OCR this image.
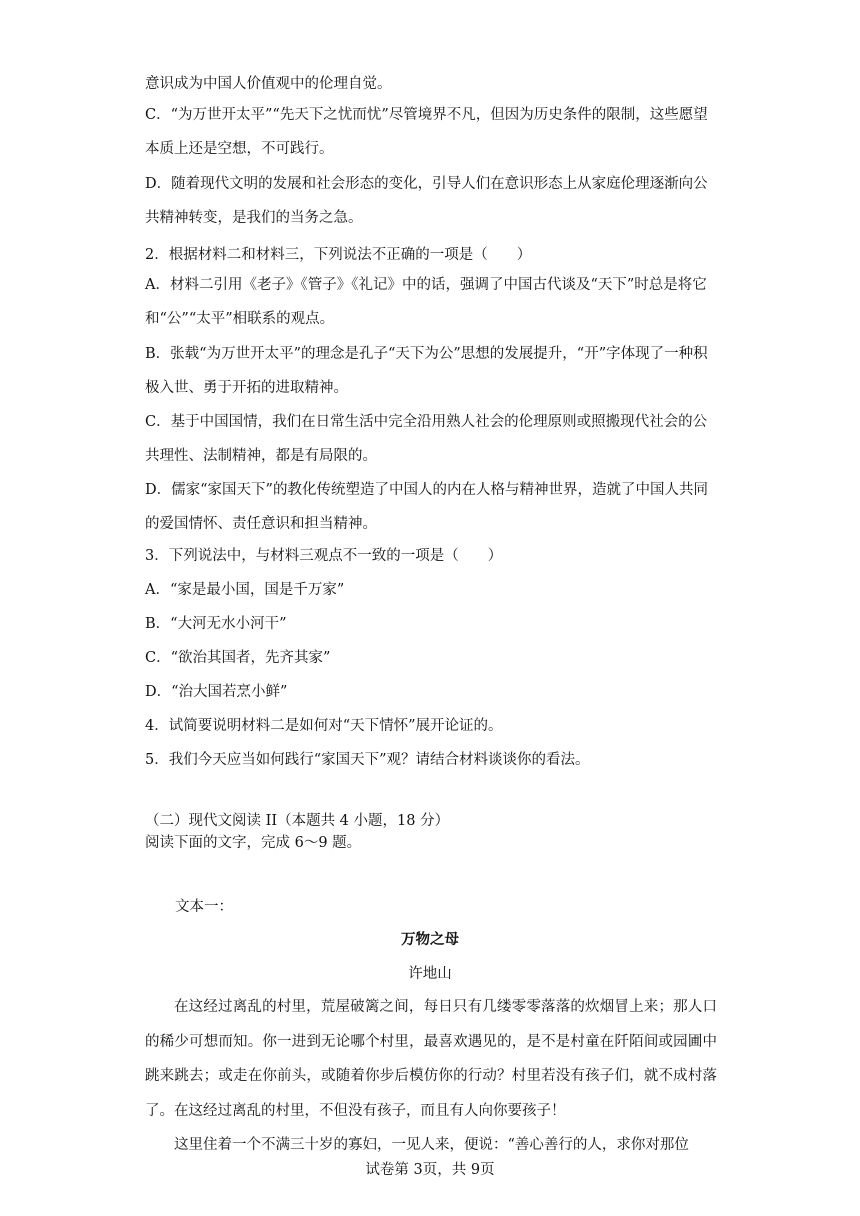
意识成为中国人价值观中的伦理自觉。
C．“为万世开太平”“先天下之忧而忧”尽管境界不凡，但因为历史条件的限制，这些愿望本质上还是空想，不可践行。
D．随着现代文明的发展和社会形态的变化，引导人们在意识形态上从家庭伦理逐渐向公共精神转变，是我们的当务之急。
2．根据材料二和材料三，下列说法不正确的一项是（　　）
A．材料二引用《老子》《管子》《礼记》中的话，强调了中国古代谈及“天下”时总是将它和“公”“太平”相联系的观点。
B．张载“为万世开太平”的理念是孔子“天下为公”思想的发展提升，“开”字体现了一种积极入世、勇于开拓的进取精神。
C．基于中国国情，我们在日常生活中完全沿用熟人社会的伦理原则或照搬现代社会的公共理性、法制精神，都是有局限的。
D．儒家“家国天下”的教化传统塑造了中国人的内在人格与精神世界，造就了中国人共同的爱国情怀、责任意识和担当精神。
3．下列说法中，与材料三观点不一致的一项是（　　）
A．“家是最小国，国是千万家”
B．“大河无水小河干”
C．“欲治其国者，先齐其家”
D．“治大国若烹小鲜”
4．试简要说明材料二是如何对“天下情怀”展开论证的。
5．我们今天应当如何践行“家国天下”观？请结合材料谈谈你的看法。
（二）现代文阅读 II（本题共 4 小题，18 分）
阅读下面的文字，完成 6～9 题。
文本一：
万物之母
许地山
在这经过离乱的村里，荒屋破篱之间，每日只有几缕零零落落的炊烟冒上来；那人口的稀少可想而知。你一进到无论哪个村里，最喜欢遇见的，是不是村童在阡陌间或园圃中跳来跳去；或走在你前头，或随着你步后模仿你的行动？村里若没有孩子们，就不成村落了。在这经过离乱的村里，不但没有孩子，而且有人向你要孩子！
这里住着一个不满三十岁的寡妇，一见人来，便说：“善心善行的人，求你对那位
试卷第 3页，共 9页
